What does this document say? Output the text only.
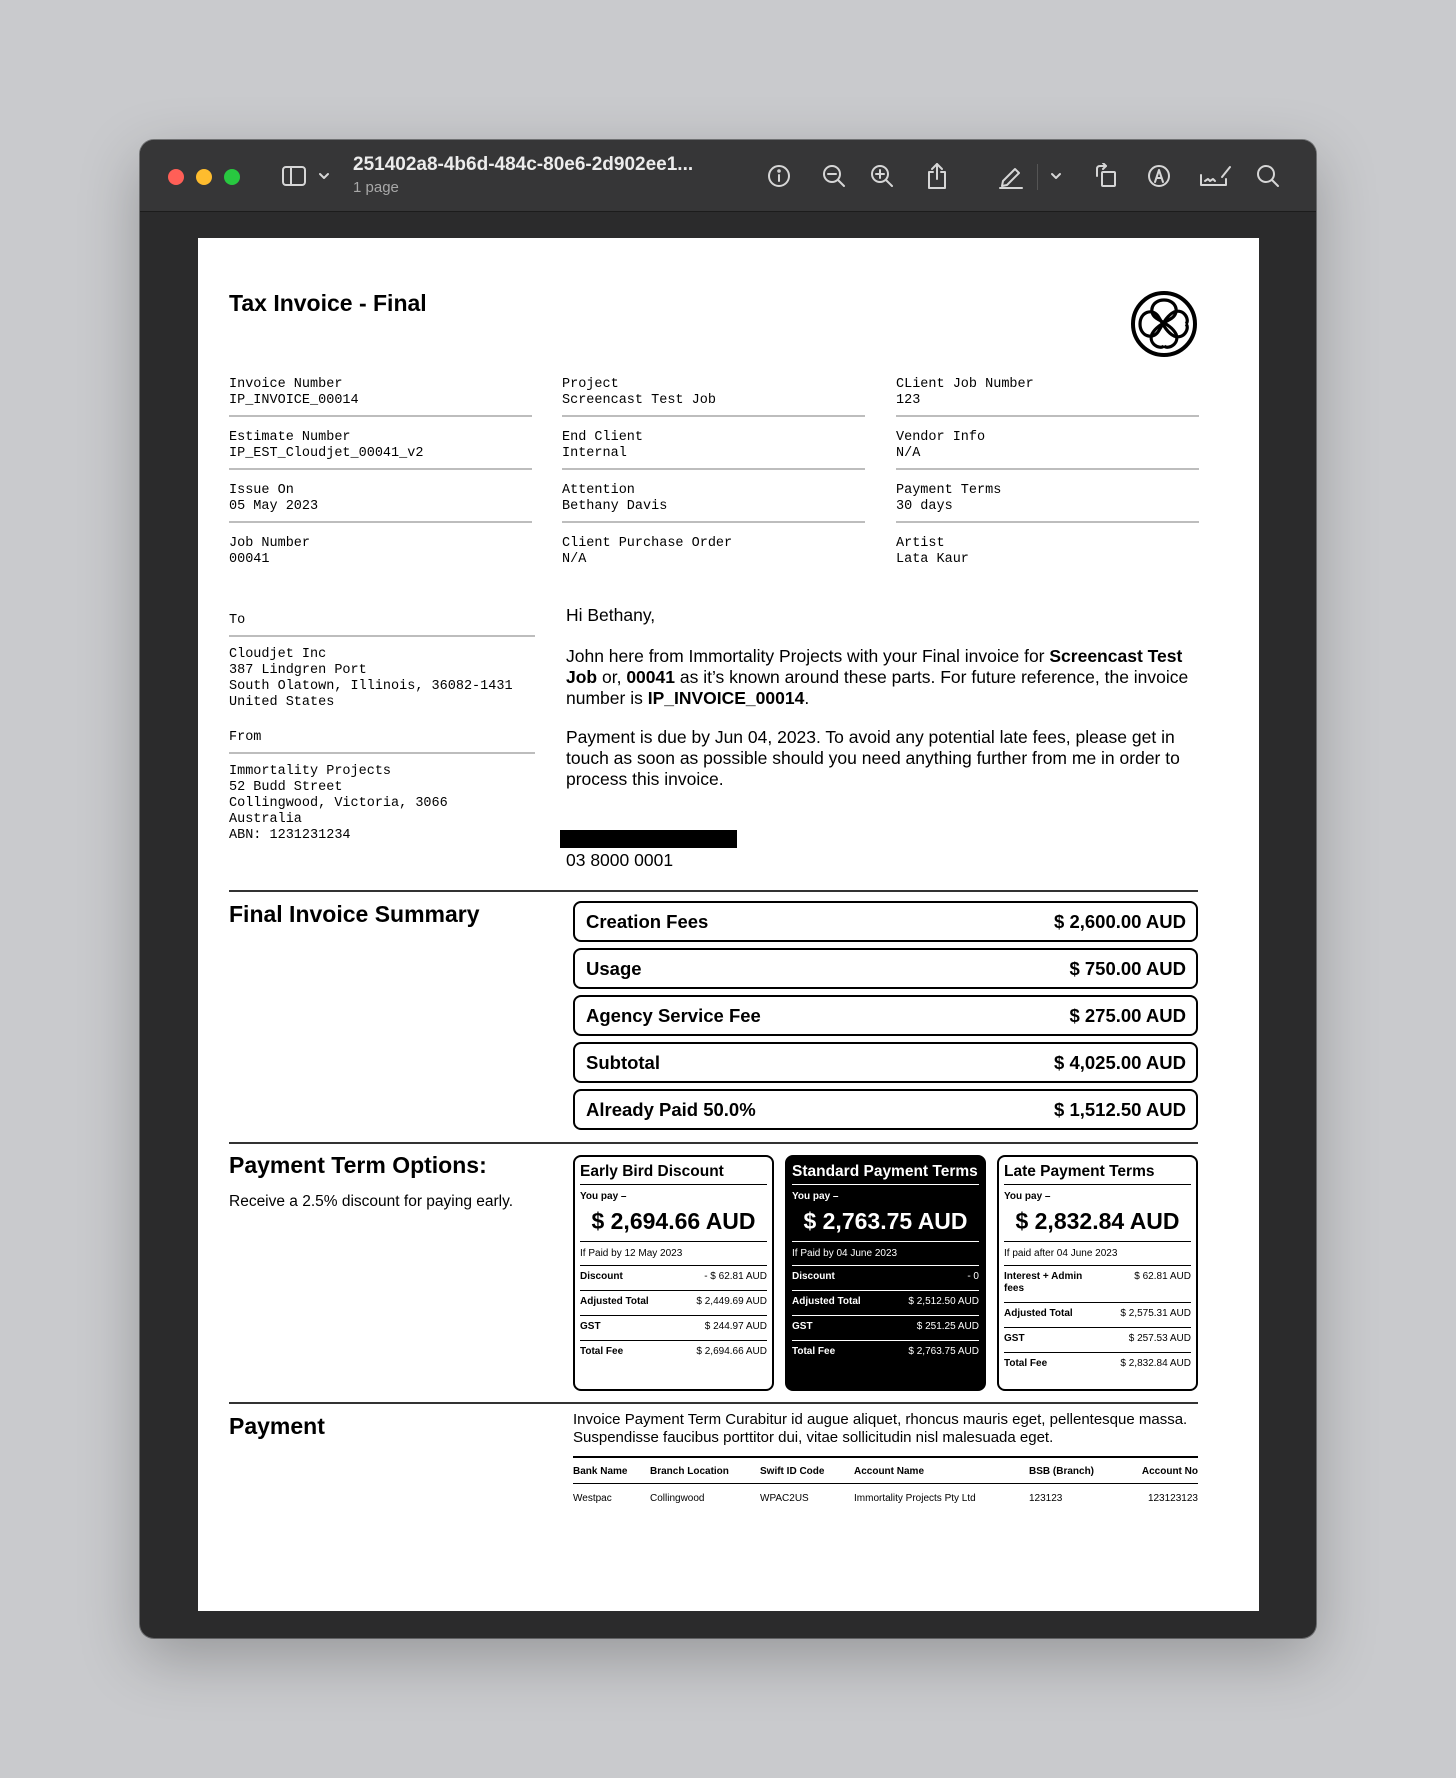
251402a8-4b6d-484c-80e6-2d902ee1...
1 page
Tax Invoice - Final
Invoice Number
IP_INVOICE_00014
Project
Screencast Test Job
CLient Job Number
123
Estimate Number
IP_EST_Cloudjet_00041_v2
End Client
Internal
Vendor Info
N/A
Issue On
05 May 2023
Attention
Bethany Davis
Payment Terms
30 days
Job Number
00041
Client Purchase Order
N/A
Artist
Lata Kaur
To
Cloudjet Inc
387 Lindgren Port
South Olatown, Illinois, 36082-1431
United States
From
Immortality Projects
52 Budd Street
Collingwood, Victoria, 3066
Australia
ABN: 1231231234
Hi Bethany,
John here from Immortality Projects with your Final invoice for Screencast Test Job or, 00041 as it’s known around these parts. For future reference, the invoice number is IP_INVOICE_00014.
Payment is due by Jun 04, 2023. To avoid any potential late fees, please get in touch as soon as possible should you need anything further from me in order to process this invoice.
03 8000 0001
Final Invoice Summary	Creation Fees	$ 2,600.00 AUD
Usage	$ 750.00 AUD
Agency Service Fee	$ 275.00 AUD
Subtotal	$ 4,025.00 AUD
Already Paid 50.0%	$ 1,512.50 AUD
Payment Term Options:
Receive a 2.5% discount for paying early.
Early Bird Discount
You pay –
$ 2,694.66 AUD
If Paid by 12 May 2023
Discount	- $ 62.81 AUD
Adjusted Total	$ 2,449.69 AUD
GST	$ 244.97 AUD
Total Fee	$ 2,694.66 AUD
Standard Payment Terms
You pay –
$ 2,763.75 AUD
If Paid by 04 June 2023
Discount	- 0
Adjusted Total	$ 2,512.50 AUD
GST	$ 251.25 AUD
Total Fee	$ 2,763.75 AUD
Late Payment Terms
You pay –
$ 2,832.84 AUD
If paid after 04 June 2023
Interest + Admin fees
$ 62.81 AUD
Adjusted Total	$ 2,575.31 AUD
GST	$ 257.53 AUD
Total Fee	$ 2,832.84 AUD
Payment	Invoice Payment Term Curabitur id augue aliquet, rhoncus mauris eget, pellentesque massa. Suspendisse faucibus porttitor dui, vitae sollicitudin nisl malesuada eget.
Bank Name	Branch Location	Swift ID Code	Account Name	BSB (Branch)	Account No
Westpac	Collingwood	WPAC2US	Immortality Projects Pty Ltd	123123	123123123
